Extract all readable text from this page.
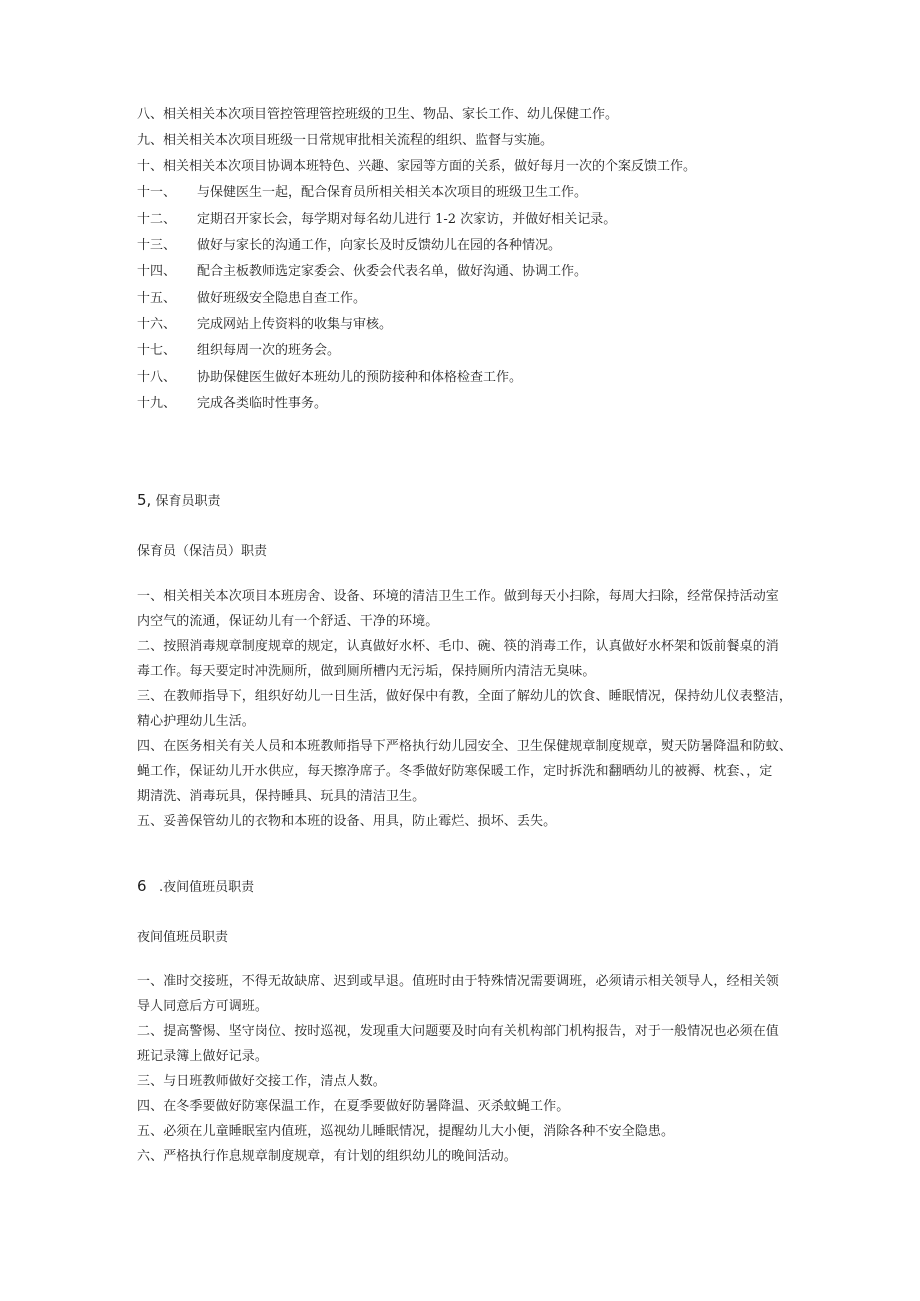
八、相关相关本次项目管控管理管控班级的卫生、物品、家长工作、幼儿保健工作。
九、相关相关本次项目班级一日常规审批相关流程的组织、监督与实施。
十、相关相关本次项目协调本班特色、兴趣、家园等方面的关系，做好每月一次的个案反馈工作。
十一、 与保健医生一起，配合保育员所相关相关本次项目的班级卫生工作。
十二、 定期召开家长会，每学期对每名幼儿进行 1-2 次家访，并做好相关记录。
十三、 做好与家长的沟通工作，向家长及时反馈幼儿在园的各种情况。
十四、 配合主板教师选定家委会、伙委会代表名单，做好沟通、协调工作。
十五、 做好班级安全隐患自查工作。
十六、 完成网站上传资料的收集与审核。
十七、 组织每周一次的班务会。
十八、 协助保健医生做好本班幼儿的预防接种和体格检查工作。
十九、 完成各类临时性事务。
5, 保育员职责
保育员（保洁员）职责
一、相关相关本次项目本班房舍、设备、环境的清洁卫生工作。做到每天小扫除，每周大扫除，经常保持活动室
内空气的流通，保证幼儿有一个舒适、干净的环境。
二、按照消毒规章制度规章的规定，认真做好水杯、毛巾、碗、筷的消毒工作，认真做好水杯架和饭前餐桌的消
毒工作。每天要定时冲洗厕所，做到厕所槽内无污垢，保持厕所内清洁无臭味。
三、在教师指导下，组织好幼儿一日生活，做好保中有教，全面了解幼儿的饮食、睡眠情况，保持幼儿仪表整洁，
精心护理幼儿生活。
四、在医务相关有关人员和本班教师指导下严格执行幼儿园安全、卫生保健规章制度规章，熨天防暑降温和防蚊、
蝇工作，保证幼儿开水供应，每天擦净席子。冬季做好防寒保暖工作，定时拆洗和翻晒幼儿的被褥、枕套、，定
期清洗、消毒玩具，保持睡具、玩具的清洁卫生。
五、妥善保管幼儿的衣物和本班的设备、用具，防止霉烂、损坏、丢失。
6 .夜间值班员职责
夜间值班员职责
一、准时交接班，不得无故缺席、迟到或早退。值班时由于特殊情况需要调班，必须请示相关领导人，经相关领
导人同意后方可调班。
二、提高警惕、坚守岗位、按时巡视，发现重大问题要及时向有关机构部门机构报告，对于一般情况也必须在值
班记录簿上做好记录。
三、与日班教师做好交接工作，清点人数。
四、在冬季要做好防寒保温工作，在夏季要做好防暑降温、灭杀蚊蝇工作。
五、必须在儿童睡眠室内值班，巡视幼儿睡眠情况，提醒幼儿大小便，消除各种不安全隐患。
六、严格执行作息规章制度规章，有计划的组织幼儿的晚间活动。
